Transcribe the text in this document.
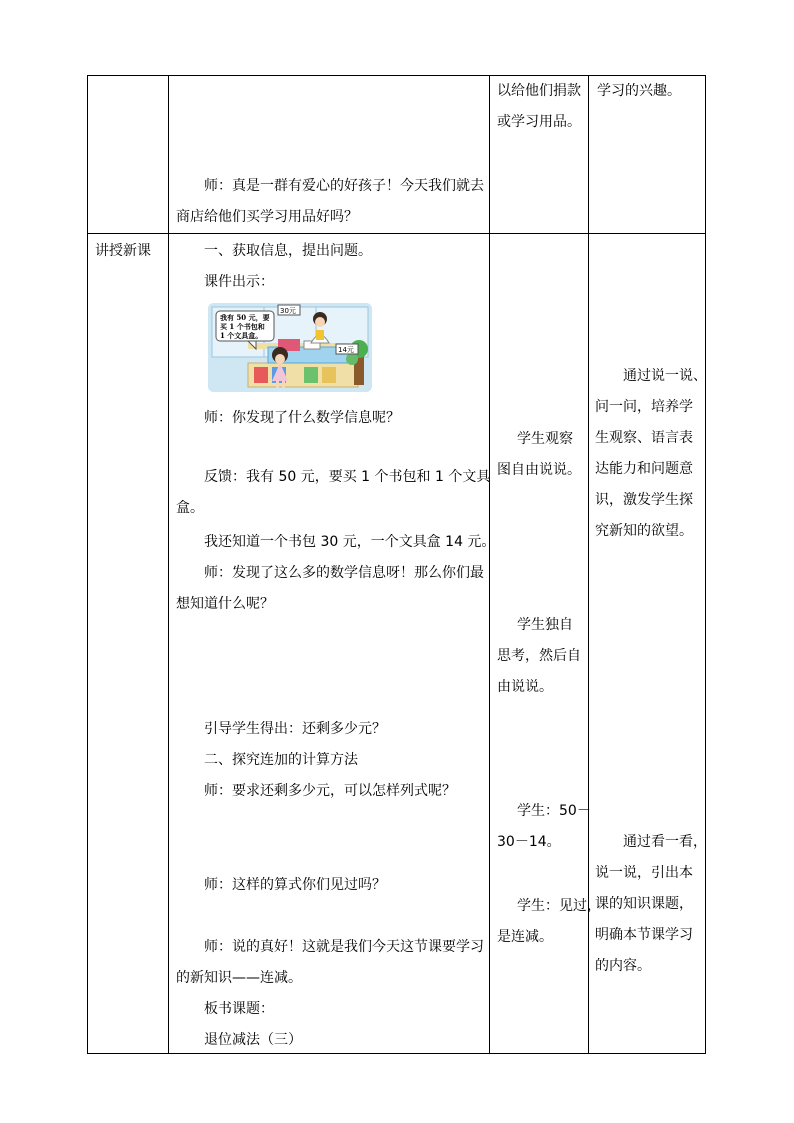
以给他们捐款
或学习用品。
学习的兴趣。
师：真是一群有爱心的好孩子！今天我们就去
商店给他们买学习用品好吗？
讲授新课	一、获取信息，提出问题。
课件出示：
我有 50 元，要
买 1 个书包和
1 个文具盒。
30元
14元
师：你发现了什么数学信息呢？
反馈：我有 50 元，要买 1 个书包和 1 个文具
盒。
我还知道一个书包 30 元，一个文具盒 14 元。
师：发现了这么多的数学信息呀！那么你们最
想知道什么呢？
引导学生得出：还剩多少元？
二、探究连加的计算方法
师：要求还剩多少元，可以怎样列式呢？
师：这样的算式你们见过吗？
师：说的真好！这就是我们今天这节课要学习
的新知识——连减。
板书课题：
退位减法（三）
学生观察
图自由说说。
学生独自
思考，然后自
由说说。
学生：50－
30－14。
学生：见过，
是连减。
通过说一说、
问一问，培养学
生观察、语言表
达能力和问题意
识，激发学生探
究新知的欲望。
通过看一看，
说一说，引出本
课的知识课题，
明确本节课学习
的内容。
